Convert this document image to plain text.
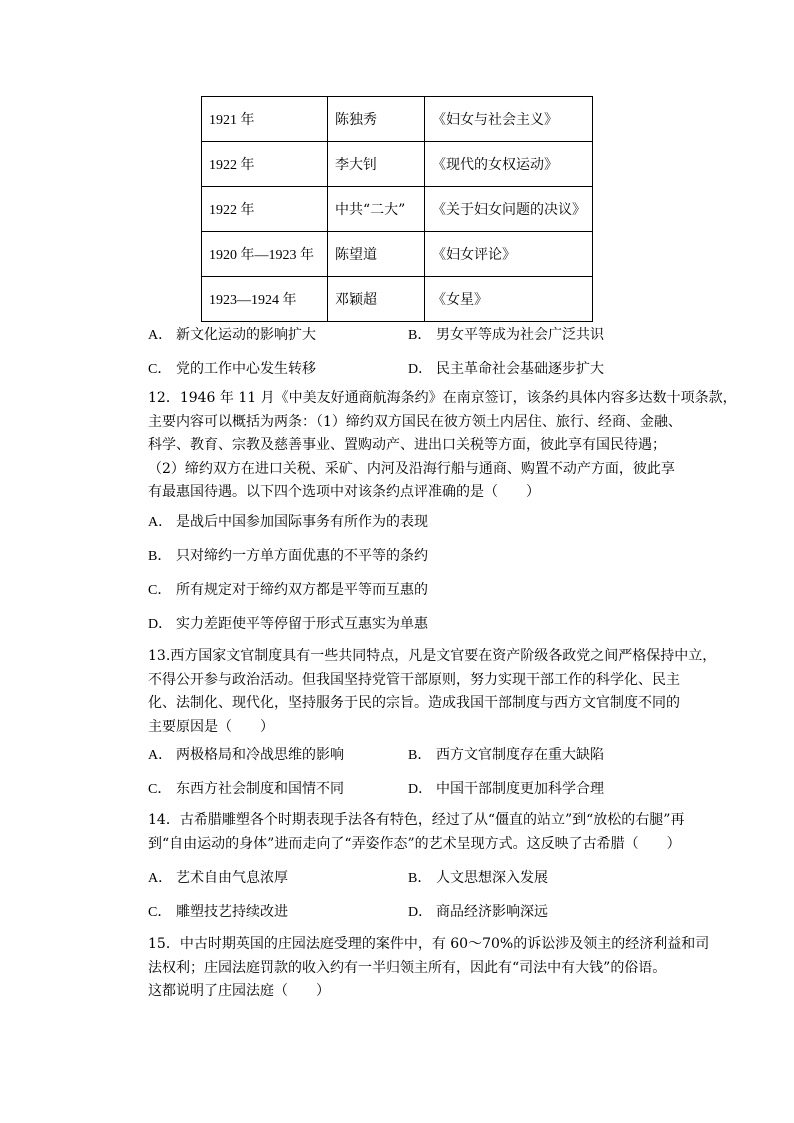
1921 年	陈独秀	《妇女与社会主义》
1922 年	李大钊	《现代的女权运动》
1922 年	中共“二大”	《关于妇女问题的决议》
1920 年—1923 年	陈望道	《妇女评论》
1923—1924 年	邓颖超	《女星》
A． 新文化运动的影响扩大	B． 男女平等成为社会广泛共识
C． 党的工作中心发生转移	D． 民主革命社会基础逐步扩大
12．1946 年 11 月《中美友好通商航海条约》在南京签订，该条约具体内容多达数十项条款，
主要内容可以概括为两条：（1）缔约双方国民在彼方领土内居住、旅行、经商、金融、
科学、教育、宗教及慈善事业、置购动产、进出口关税等方面，彼此享有国民待遇；
（2）缔约双方在进口关税、采矿、内河及沿海行船与通商、购置不动产方面，彼此享
有最惠国待遇。以下四个选项中对该条约点评准确的是（　　）
A． 是战后中国参加国际事务有所作为的表现
B． 只对缔约一方单方面优惠的不平等的条约
C． 所有规定对于缔约双方都是平等而互惠的
D． 实力差距使平等停留于形式互惠实为单惠
13.西方国家文官制度具有一些共同特点，凡是文官要在资产阶级各政党之间严格保持中立，
不得公开参与政治活动。但我国坚持党管干部原则，努力实现干部工作的科学化、民主
化、法制化、现代化，坚持服务于民的宗旨。造成我国干部制度与西方文官制度不同的
主要原因是（　　）
A． 两极格局和冷战思维的影响	B． 西方文官制度存在重大缺陷
C． 东西方社会制度和国情不同	D． 中国干部制度更加科学合理
14．古希腊雕塑各个时期表现手法各有特色，经过了从“僵直的站立”到“放松的右腿”再
到“自由运动的身体”进而走向了“弄姿作态”的艺术呈现方式。这反映了古希腊（　　）
A． 艺术自由气息浓厚	B． 人文思想深入发展
C． 雕塑技艺持续改进	D． 商品经济影响深远
15．中古时期英国的庄园法庭受理的案件中，有 60～70%的诉讼涉及领主的经济利益和司
法权利；庄园法庭罚款的收入约有一半归领主所有，因此有“司法中有大钱”的俗语。
这都说明了庄园法庭（　　）
